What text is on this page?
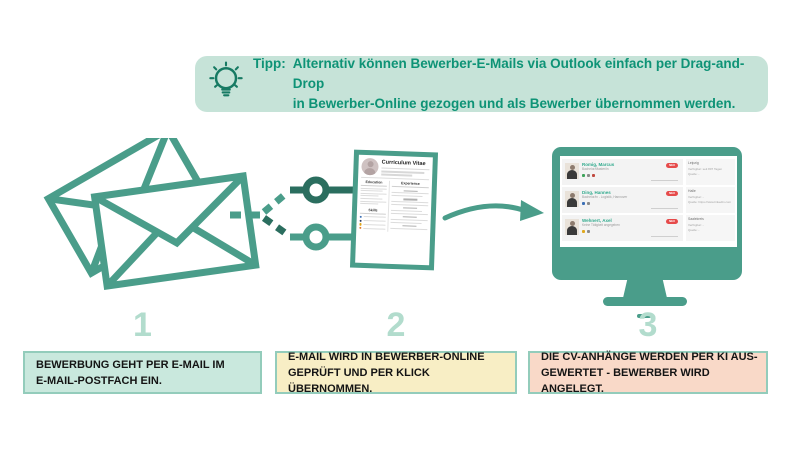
Tipp: Alternativ können Bewerber-E-Mails via Outlook einfach per Drag-and-Drop
in Bewerber-Online gezogen und als Bewerber übernommen werden.
Curriculum Vitae
Education
Skills
Experience
Romig, Marcus
Bachelor/Master/in
NEU	Leipzig
Verfügbar: seit 807 Tagen
Quelle: -
Ding, Hannes
Bachelor/in - Logistik, Hannover
NEU	Halle
Verfügbar: -
Quelle: https://www.linkedin.com
Wehnert, Axel
Keine Tätigkeit angegeben
NEU	Saalekreis
Verfügbar: -
Quelle: -
1	2	3
BEWERBUNG GEHT PER E-MAIL IM
E-MAIL-POSTFACH EIN.
E-MAIL WIRD IN BEWERBER-ONLINE
GEPRÜFT UND PER KLICK ÜBERNOMMEN.
DIE CV-ANHÄNGE WERDEN PER KI AUS-
GEWERTET - BEWERBER WIRD ANGELEGT.
